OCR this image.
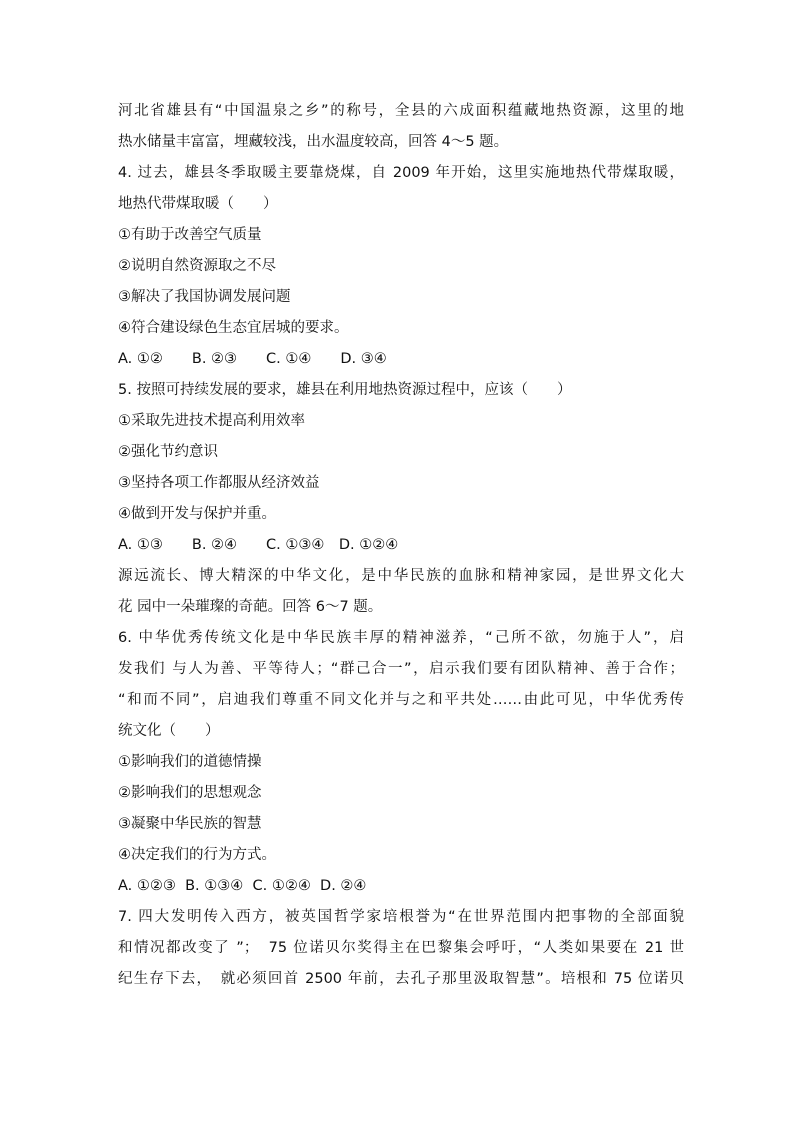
河北省雄县有“中国温泉之乡”的称号，全县的六成面积蕴藏地热资源，这里的地
热水储量丰富富，埋藏较浅，出水温度较高，回答 4～5 题。
4. 过去，雄县冬季取暖主要靠烧煤，自 2009 年开始，这里实施地热代带煤取暖，
地热代带煤取暖（　　）
①有助于改善空气质量
②说明自然资源取之不尽
③解决了我国协调发展问题
④符合建设绿色生态宜居城的要求。
A. ①②　　B. ②③　　C. ①④　　D. ③④
5. 按照可持续发展的要求，雄县在利用地热资源过程中，应该（　　）
①采取先进技术提高利用效率
②强化节约意识
③坚持各项工作都服从经济效益
④做到开发与保护并重。
A. ①③　　B. ②④　　C. ①③④　D. ①②④
源远流长、博大精深的中华文化，是中华民族的血脉和精神家园，是世界文化大
花 园中一朵璀璨的奇葩。回答 6～7 题。
6. 中华优秀传统文化是中华民族丰厚的精神滋养，“己所不欲，勿施于人”，启
发我们 与人为善、平等待人；“群己合一”，启示我们要有团队精神、善于合作；
“和而不同”，启迪我们尊重不同文化并与之和平共处……由此可见，中华优秀传
统文化（　　）
①影响我们的道德情操
②影响我们的思想观念
③凝聚中华民族的智慧
④决定我们的行为方式。
A. ①②③  B. ①③④  C. ①②④  D. ②④
7. 四大发明传入西方，被英国哲学家培根誉为“在世界范围内把事物的全部面貌
和情况都改变了 ”；　75 位诺贝尔奖得主在巴黎集会呼吁，“人类如果要在 21 世
纪生存下去，　就必须回首 2500 年前，去孔子那里汲取智慧”。培根和 75 位诺贝
